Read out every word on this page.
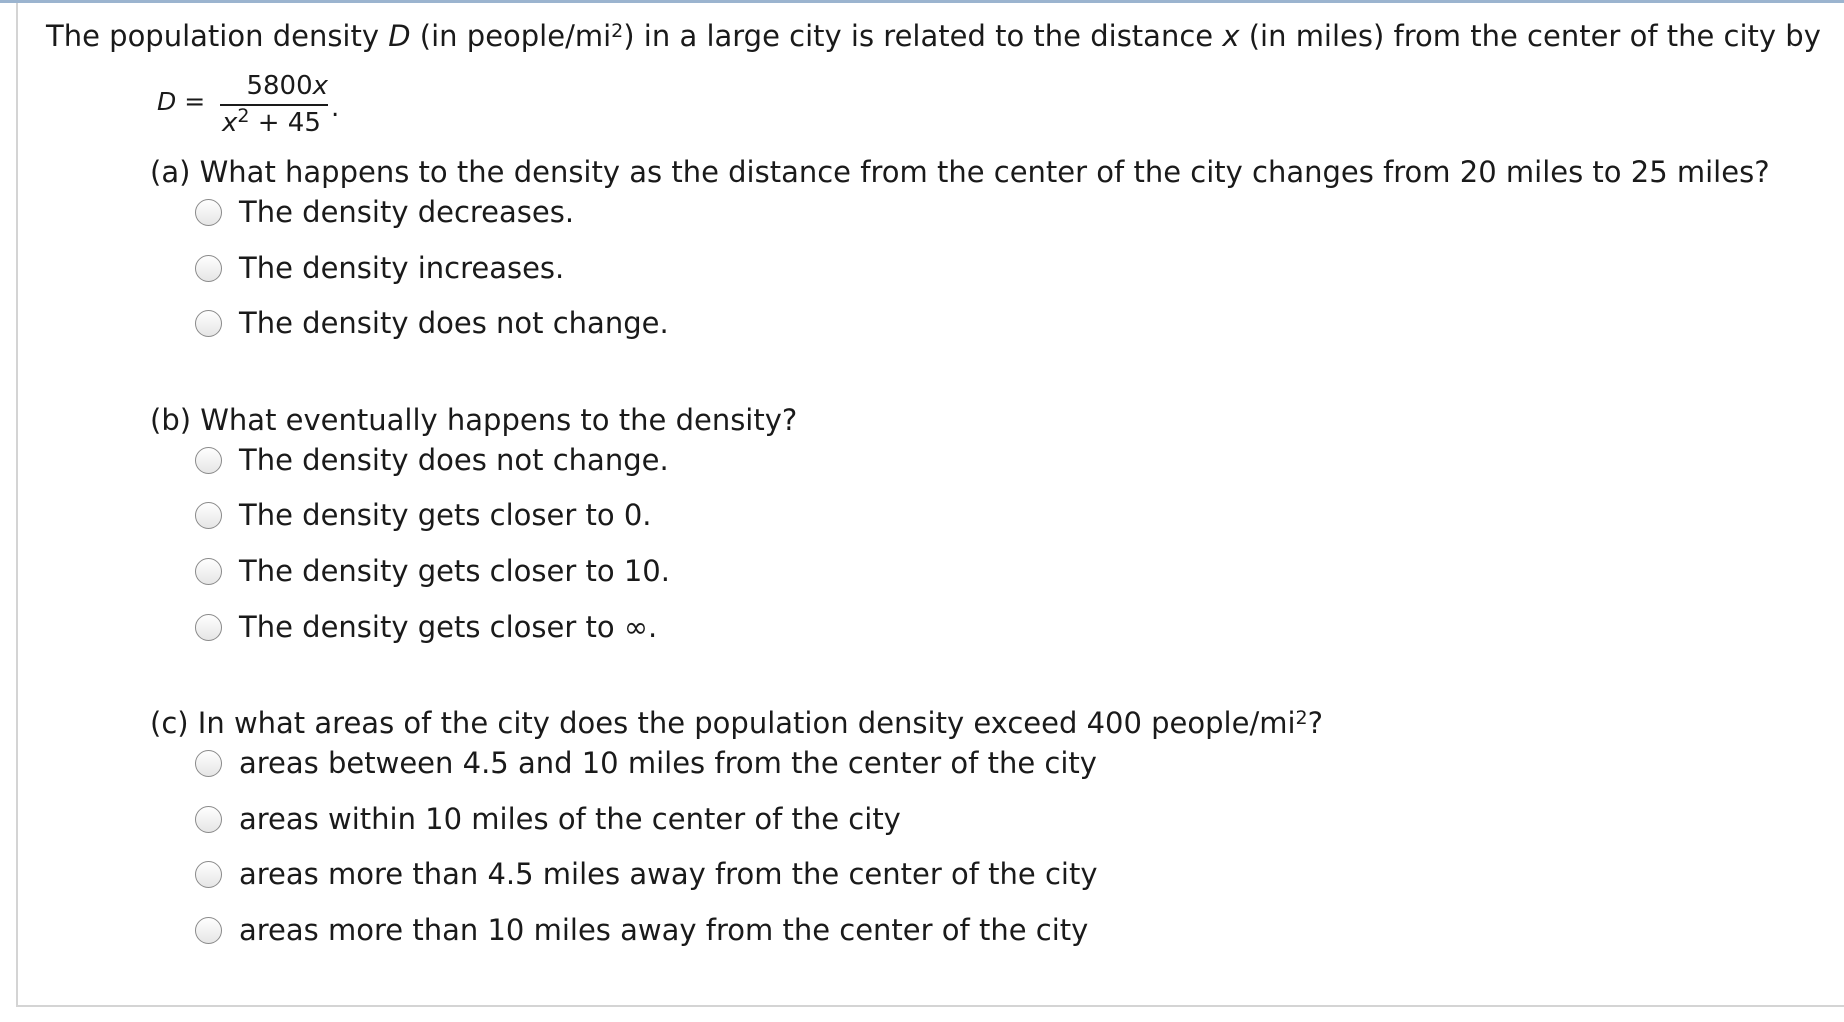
The population density D (in people/$mi^2$) in a large city is related to the distance x (in miles) from the center of the city by
D =
5800x
$x^2 + 45$ .
(a) What happens to the density as the distance from the center of the city changes from 20 miles to 25 miles?
The density decreases.
The density increases.
The density does not change.
(b) What eventually happens to the density?
The density does not change.
The density gets closer to 0.
The density gets closer to 10.
The density gets closer to ∞.
(c) In what areas of the city does the population density exceed 400 people/$mi^2$?
areas between 4.5 and 10 miles from the center of the city
areas within 10 miles of the center of the city
areas more than 4.5 miles away from the center of the city
areas more than 10 miles away from the center of the city
